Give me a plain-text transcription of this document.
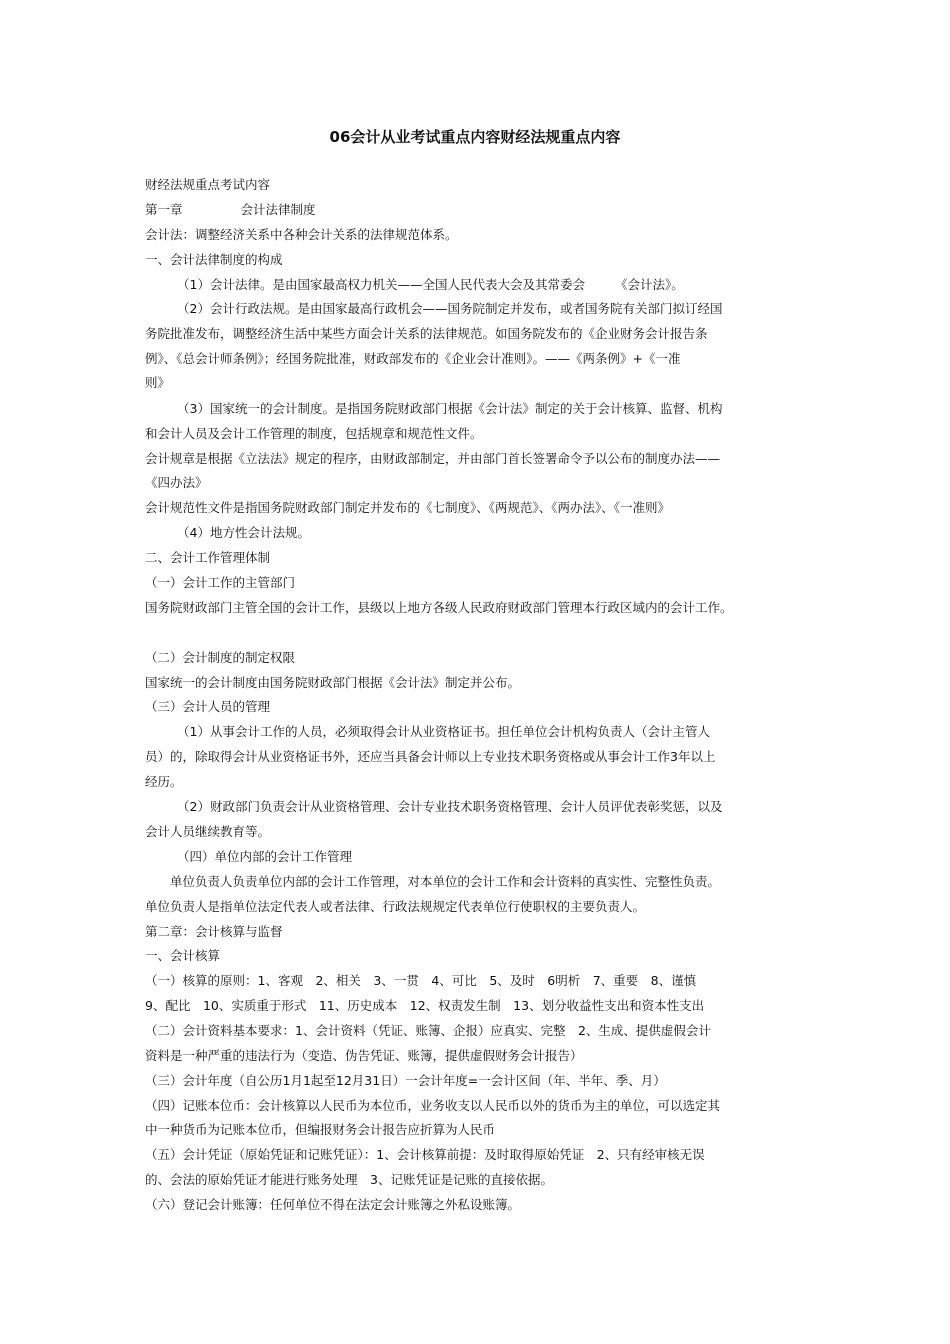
06会计从业考试重点内容财经法规重点内容
财经法规重点考试内容
第一章	会计法律制度
会计法：调整经济关系中各种会计关系的法律规范体系。
一、会计法律制度的构成
（1）会计法律。是由国家最高权力机关——全国人民代表大会及其常委会 《会计法》。
（2）会计行政法规。是由国家最高行政机会——国务院制定并发布，或者国务院有关部门拟订经国
务院批准发布，调整经济生活中某些方面会计关系的法律规范。如国务院发布的《企业财务会计报告条
例》、《总会计师条例》；经国务院批准，财政部发布的《企业会计准则》。——《两条例》+《一准
则》
（3）国家统一的会计制度。是指国务院财政部门根据《会计法》制定的关于会计核算、监督、机构
和会计人员及会计工作管理的制度，包括规章和规范性文件。
会计规章是根据《立法法》规定的程序，由财政部制定，并由部门首长签署命令予以公布的制度办法——
《四办法》
会计规范性文件是指国务院财政部门制定并发布的《七制度》、《两规范》、《两办法》、《一准则》
（4）地方性会计法规。
二、会计工作管理体制
（一）会计工作的主管部门
国务院财政部门主管全国的会计工作，县级以上地方各级人民政府财政部门管理本行政区域内的会计工作。
（二）会计制度的制定权限
国家统一的会计制度由国务院财政部门根据《会计法》制定并公布。
（三）会计人员的管理
（1）从事会计工作的人员，必须取得会计从业资格证书。担任单位会计机构负责人（会计主管人
员）的，除取得会计从业资格证书外，还应当具备会计师以上专业技术职务资格或从事会计工作3年以上
经历。
（2）财政部门负责会计从业资格管理、会计专业技术职务资格管理、会计人员评优表彰奖惩，以及
会计人员继续教育等。
（四）单位内部的会计工作管理
单位负责人负责单位内部的会计工作管理，对本单位的会计工作和会计资料的真实性、完整性负责。
单位负责人是指单位法定代表人或者法律、行政法规规定代表单位行使职权的主要负责人。
第二章：会计核算与监督
一、会计核算
（一）核算的原则：1、客观　2、相关　3、一贯　4、可比　5、及时　6明析　7、重要　8、谨慎
9、配比　10、实质重于形式　11、历史成本　12、权责发生制　13、划分收益性支出和资本性支出
（二）会计资料基本要求：1、会计资料（凭证、账簿、企报）应真实、完整　2、生成、提供虚假会计
资料是一种严重的违法行为（变造、伪告凭证、账簿，提供虚假财务会计报告）
（三）会计年度（自公历1月1起至12月31日）一会计年度=一会计区间（年、半年、季、月）
（四）记账本位币：会计核算以人民币为本位币，业务收支以人民币以外的货币为主的单位，可以选定其
中一种货币为记账本位币，但编报财务会计报告应折算为人民币
（五）会计凭证（原始凭证和记账凭证）：1、会计核算前提：及时取得原始凭证　2、只有经审核无误
的、会法的原始凭证才能进行账务处理　3、记账凭证是记账的直接依据。
（六）登记会计账簿：任何单位不得在法定会计账簿之外私设账簿。
